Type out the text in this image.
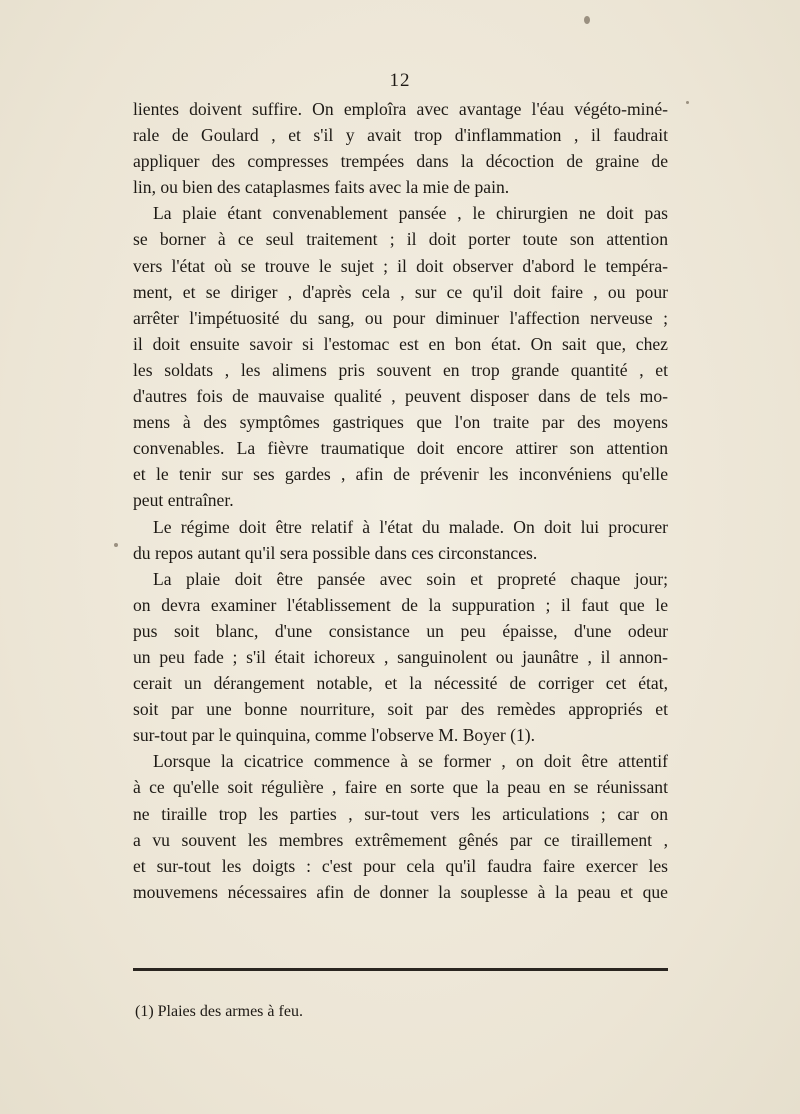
12
lientes doivent suffire. On emploîra avec avantage l'éau végéto-miné-
rale de Goulard , et s'il y avait trop d'inflammation , il faudrait
appliquer des compresses trempées dans la décoction de graine de
lin, ou bien des cataplasmes faits avec la mie de pain.
La plaie étant convenablement pansée , le chirurgien ne doit pas
se borner à ce seul traitement ; il doit porter toute son attention
vers l'état où se trouve le sujet ; il doit observer d'abord le tempéra-
ment, et se diriger , d'après cela , sur ce qu'il doit faire , ou pour
arrêter l'impétuosité du sang, ou pour diminuer l'affection nerveuse ;
il doit ensuite savoir si l'estomac est en bon état. On sait que, chez
les soldats , les alimens pris souvent en trop grande quantité , et
d'autres fois de mauvaise qualité , peuvent disposer dans de tels mo-
mens à des symptômes gastriques que l'on traite par des moyens
convenables. La fièvre traumatique doit encore attirer son attention
et le tenir sur ses gardes , afin de prévenir les inconvéniens qu'elle
peut entraîner.
Le régime doit être relatif à l'état du malade. On doit lui procurer
du repos autant qu'il sera possible dans ces circonstances.
La plaie doit être pansée avec soin et propreté chaque jour;
on devra examiner l'établissement de la suppuration ; il faut que le
pus soit blanc, d'une consistance un peu épaisse, d'une odeur
un peu fade ; s'il était ichoreux , sanguinolent ou jaunâtre , il annon-
cerait un dérangement notable, et la nécessité de corriger cet état,
soit par une bonne nourriture, soit par des remèdes appropriés et
sur-tout par le quinquina, comme l'observe M. Boyer (1).
Lorsque la cicatrice commence à se former , on doit être attentif
à ce qu'elle soit régulière , faire en sorte que la peau en se réunissant
ne tiraille trop les parties , sur-tout vers les articulations ; car on
a vu souvent les membres extrêmement gênés par ce tiraillement ,
et sur-tout les doigts : c'est pour cela qu'il faudra faire exercer les
mouvemens nécessaires afin de donner la souplesse à la peau et que
(1) Plaies des armes à feu.
